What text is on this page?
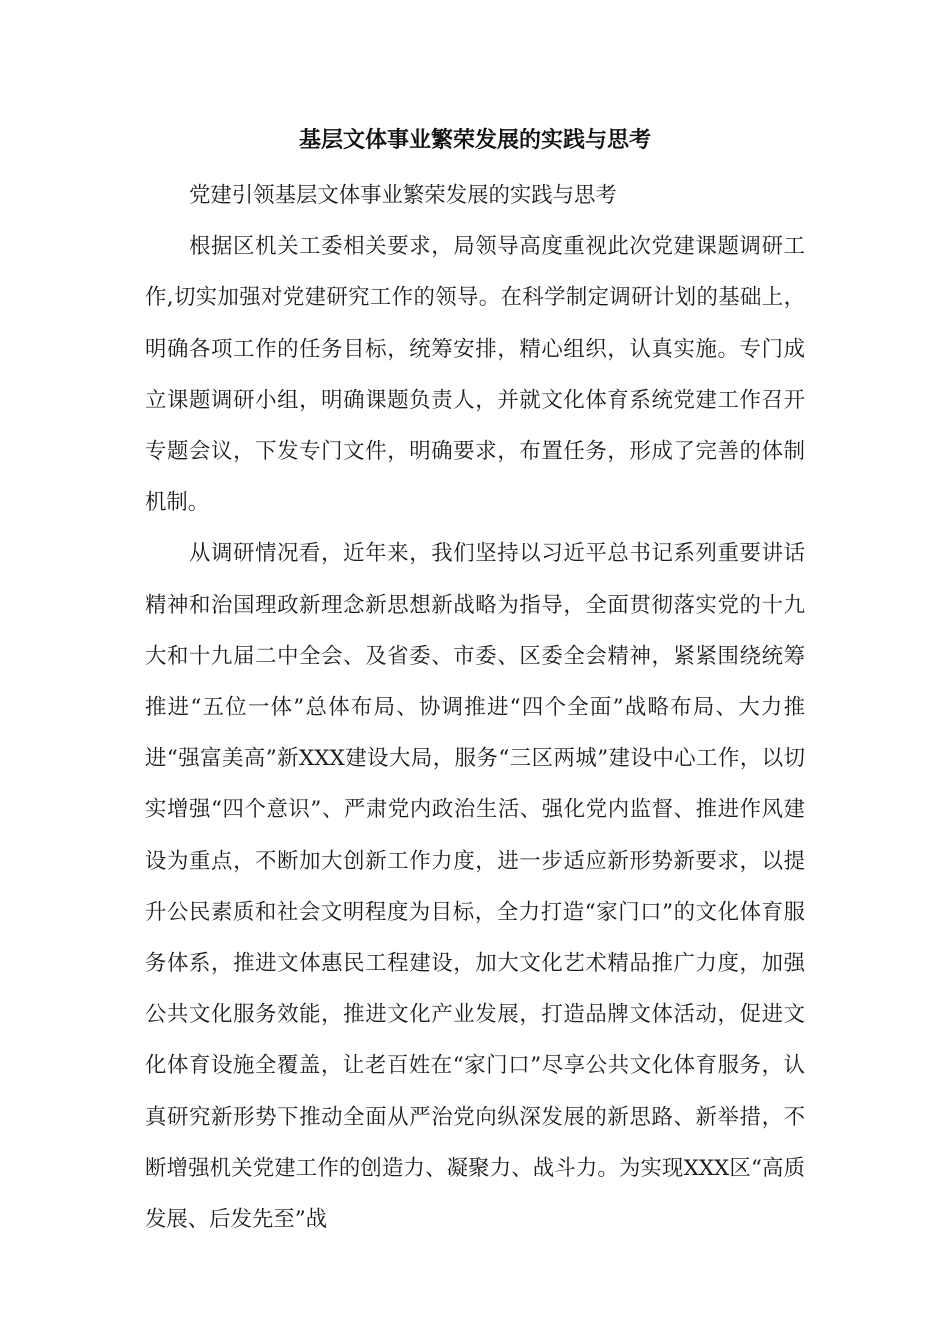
基层文体事业繁荣发展的实践与思考

党建引领基层文体事业繁荣发展的实践与思考

根据区机关工委相关要求，局领导高度重视此次党建课题调研工作,切实加强对党建研究工作的领导。在科学制定调研计划的基础上，明确各项工作的任务目标，统筹安排，精心组织，认真实施。专门成立课题调研小组，明确课题负责人，并就文化体育系统党建工作召开专题会议，下发专门文件，明确要求，布置任务，形成了完善的体制机制。

从调研情况看，近年来，我们坚持以习近平总书记系列重要讲话精神和治国理政新理念新思想新战略为指导，全面贯彻落实党的十九大和十九届二中全会、及省委、市委、区委全会精神，紧紧围绕统筹推进“五位一体”总体布局、协调推进“四个全面”战略布局、大力推进“强富美高”新XXX建设大局，服务“三区两城”建设中心工作，以切实增强“四个意识”、严肃党内政治生活、强化党内监督、推进作风建设为重点，不断加大创新工作力度，进一步适应新形势新要求，以提升公民素质和社会文明程度为目标，全力打造“家门口”的文化体育服务体系，推进文体惠民工程建设，加大文化艺术精品推广力度，加强公共文化服务效能，推进文化产业发展，打造品牌文体活动，促进文化体育设施全覆盖，让老百姓在“家门口”尽享公共文化体育服务，认真研究新形势下推动全面从严治党向纵深发展的新思路、新举措，不断增强机关党建工作的创造力、凝聚力、战斗力。为实现XXX区“高质发展、后发先至”战
